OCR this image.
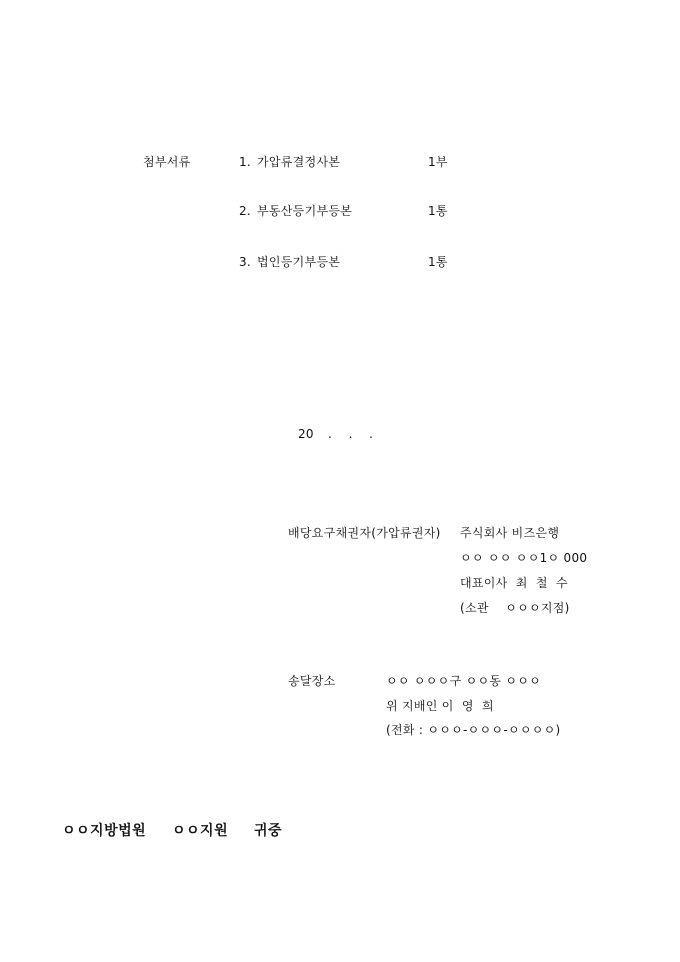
첨부서류	1. 가압류결정사본	1부
2. 부동산등기부등본	1통
3. 법인등기부등본	1통
20 .    .    .
배당요구채권자(가압류권자) 주식회사 비즈은행
ㅇㅇ ㅇㅇ ㅇㅇ1ㅇ 000
대표이사  최  철  수
(소관    ㅇㅇㅇ지점)
송달장소	ㅇㅇ ㅇㅇㅇ구 ㅇㅇ동 ㅇㅇㅇ
위 지배인 이  영  희
(전화 : ㅇㅇㅇ-ㅇㅇㅇ-ㅇㅇㅇㅇ)
ㅇㅇ지방법원 ㅇㅇ지원 귀중
